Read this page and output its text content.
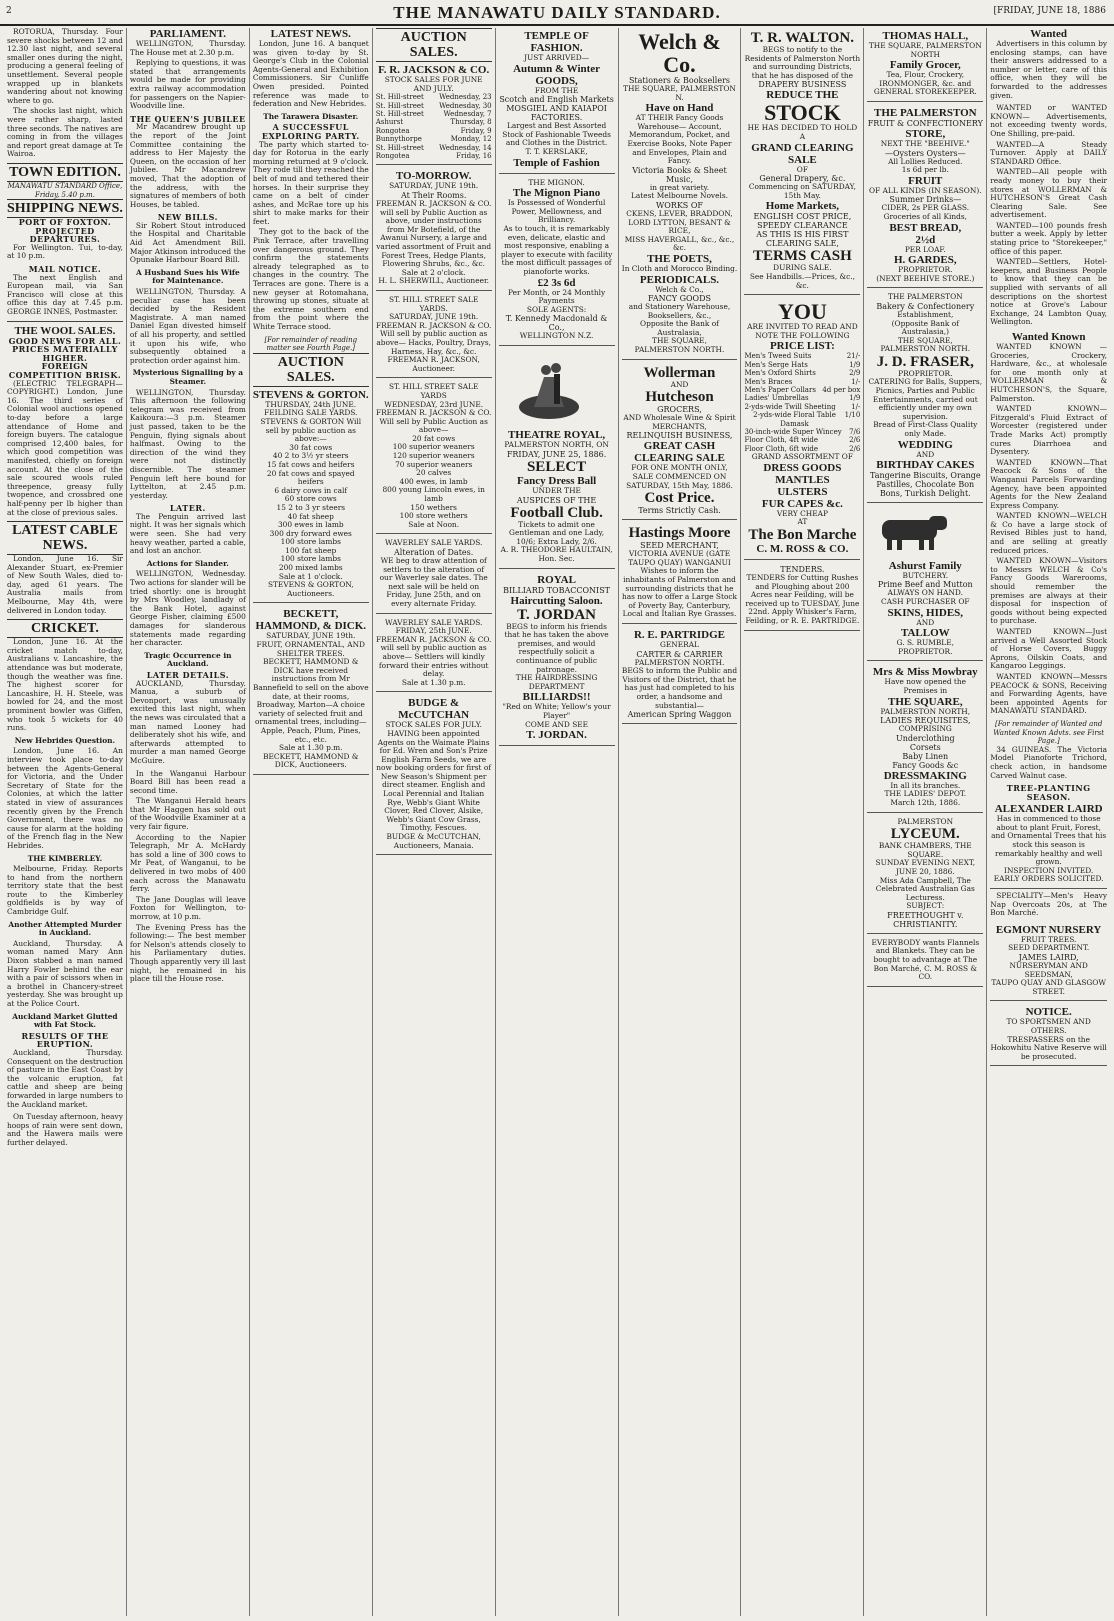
2	THE MANAWATU DAILY STANDARD.	[FRIDAY, JUNE 18, 1886

ROTORUA, Thursday. Four severe shocks between 12 and 12.30 last night, and several smaller ones during the night, producing a general feeling of unsettlement. Several people wrapped up in blankets wandering about not knowing where to go.

The shocks last night, which were rather sharp, lasted three seconds. The natives are coming in from the villages and report great damage at Te Wairoa.

TOWN EDITION.
MANAWATU STANDARD Office, Friday, 5.40 p.m.
SHIPPING NEWS.
PORT OF FOXTON.
PROJECTED DEPARTURES.

For Wellington. Tui, to-day, at 10 p.m.

MAIL NOTICE.

The next English and European mail, via San Francisco will close at this office this day at 7.45 p.m. GEORGE INNES, Postmaster.

THE WOOL SALES.
GOOD NEWS FOR ALL.
PRICES MATERIALLY HIGHER.
FOREIGN COMPETITION BRISK.

(ELECTRIC TELEGRAPH—COPYRIGHT.) London, June 16. The third series of Colonial wool auctions opened to-day before a large attendance of Home and foreign buyers. The catalogue comprised 12,400 bales, for which good competition was manifested, chiefly on foreign account. At the close of the sale scoured wools ruled threepence, greasy fully twopence, and crossbred one half-penny per lb higher than at the close of previous sales.

LATEST CABLE NEWS.

London, June 16. Sir Alexander Stuart, ex-Premier of New South Wales, died to-day, aged 61 years. The Australia mails from Melbourne, May 4th, were delivered in London today.

CRICKET.

London, June 16. At the cricket match to-day, Australians v. Lancashire, the attendance was but moderate, though the weather was fine. The highest scorer for Lancashire, H. H. Steele, was bowled for 24, and the most prominent bowler was Giffen, who took 5 wickets for 40 runs.

New Hebrides Question.

London, June 16. An interview took place to-day between the Agents-General for Victoria, and the Under Secretary of State for the Colonies, at which the latter stated in view of assurances recently given by the French Government, there was no cause for alarm at the holding of the French flag in the New Hebrides.

THE KIMBERLEY.

Melbourne, Friday. Reports to hand from the northern territory state that the best route to the Kimberley goldfields is by way of Cambridge Gulf.

Another Attempted Murder in Auckland.

Auckland, Thursday. A woman named Mary Ann Dixon stabbed a man named Harry Fowler behind the ear with a pair of scissors when in a brothel in Chancery-street yesterday. She was brought up at the Police Court.

Auckland Market Glutted with Fat Stock.
RESULTS OF THE ERUPTION.

Auckland, Thursday. Consequent on the destruction of pasture in the East Coast by the volcanic eruption, fat cattle and sheep are being forwarded in large numbers to the Auckland market.

On Tuesday afternoon, heavy hoops of rain were sent down, and the Hawera mails were further delayed.

PARLIAMENT.

WELLINGTON, Thursday. The House met at 2.30 p.m.

Replying to questions, it was stated that arrangements would be made for providing extra railway accommodation for passengers on the Napier-Woodville line.

THE QUEEN'S JUBILEE

Mr Macandrew brought up the report of the Joint Committee containing the address to Her Majesty the Queen, on the occasion of her Jubilee. Mr Macandrew moved, That the adoption of the address, with the signatures of members of both Houses, be tabled.

NEW BILLS.

Sir Robert Stout introduced the Hospital and Charitable Aid Act Amendment Bill. Major Atkinson introduced the Opunake Harbour Board Bill.

A Husband Sues his Wife for Maintenance.

WELLINGTON, Thursday. A peculiar case has been decided by the Resident Magistrate. A man named Daniel Egan divested himself of all his property, and settled it upon his wife, who subsequently obtained a protection order against him.

Mysterious Signalling by a Steamer.

WELLINGTON, Thursday. This afternoon the following telegram was received from Kaikoura:—3 p.m. Steamer just passed, taken to be the Penguin, flying signals about halfmast. Owing to the direction of the wind they were not distinctly discernible. The steamer Penguin left here bound for Lyttelton, at 2.45 p.m. yesterday.

LATER.

The Penguin arrived last night. It was her signals which were seen. She had very heavy weather, parted a cable, and lost an anchor.

Actions for Slander.

WELLINGTON, Wednesday. Two actions for slander will be tried shortly: one is brought by Mrs Woodley, landlady of the Bank Hotel, against George Fisher, claiming £500 damages for slanderous statements made regarding her character.

Tragic Occurrence in Auckland.
LATER DETAILS.

AUCKLAND, Thursday. Manua, a suburb of Devonport, was unusually excited this last night, when the news was circulated that a man named Looney had deliberately shot his wife, and afterwards attempted to murder a man named George McGuire.

In the Wanganui Harbour Board Bill has been read a second time.

The Wanganui Herald hears that Mr Haggen has sold out of the Woodville Examiner at a very fair figure.

According to the Napier Telegraph, Mr A. McHardy has sold a line of 300 cows to Mr Peat, of Wanganui, to be delivered in two mobs of 400 each across the Manawatu ferry.

The Jane Douglas will leave Foxton for Wellington, to-morrow, at 10 p.m.

The Evening Press has the following:— The best member for Nelson's attends closely to his Parliamentary duties. Though apparently very ill last night, he remained in his place till the House rose.

LATEST NEWS.

London, June 16. A banquet was given to-day by St. George's Club in the Colonial Agents-General and Exhibition Commissioners. Sir Cunliffe Owen presided. Pointed reference was made to federation and New Hebrides.

The Tarawera Disaster.
A SUCCESSFUL EXPLORING PARTY.

The party which started to-day for Rotorua in the early morning returned at 9 o'clock. They rode till they reached the belt of mud and tethered their horses. In their surprise they came on a belt of cinder ashes, and McRae tore up his shirt to make marks for their feet.

They got to the back of the Pink Terrace, after travelling over dangerous ground. They confirm the statements already telegraphed as to changes in the country. The Terraces are gone. There is a new geyser at Rotomahana, throwing up stones, situate at the extreme southern end from the point where the White Terrace stood.

[For remainder of reading matter see Fourth Page.]
AUCTION SALES.
STEVENS & GORTON.
THURSDAY, 24th JUNE.
FEILDING SALE YARDS.
STEVENS & GORTON Will sell by public auction as above:—
30 fat cows
40 2 to 3½ yr steers
15 fat cows and heifers
20 fat cows and spayed heifers
6 dairy cows in calf
60 store cows
15 2 to 3 yr steers
40 fat sheep
300 ewes in lamb
300 dry forward ewes
100 store lambs
100 fat sheep
100 store lambs
200 mixed lambs
Sale at 1 o'clock.
STEVENS & GORTON, Auctioneers.
BECKETT, HAMMOND, & DICK.
SATURDAY, JUNE 19th.
FRUIT, ORNAMENTAL, AND SHELTER TREES.
BECKETT, HAMMOND & DICK have received instructions from Mr Bannefield to sell on the above date, at their rooms, Broadway, Marton—A choice variety of selected fruit and ornamental trees, including— Apple, Peach, Plum, Pines, etc., etc.
Sale at 1.30 p.m.
BECKETT, HAMMOND & DICK, Auctioneers.
AUCTION SALES.
F. R. JACKSON & CO.
STOCK SALES FOR JUNE AND JULY.
St. Hill-street Wednesday, 23
St. Hill-street Wednesday, 30
St. Hill-street	Wednesday, 7
Ashurst	Thursday, 8
Rongotea	Friday, 9
Bunnythorpe	Monday, 12
St. Hill-street Wednesday, 14
Rongotea	Friday, 16
TO-MORROW.
SATURDAY, JUNE 19th.
At Their Rooms.
FREEMAN R. JACKSON & CO. will sell by Public Auction as above, under instructions from Mr Botefield, of the Awanui Nursery, a large and varied assortment of Fruit and Forest Trees, Hedge Plants, Flowering Shrubs, &c., &c.
Sale at 2 o'clock.
H. L. SHERWILL, Auctioneer.
ST. HILL STREET SALE YARDS.
SATURDAY, JUNE 19th.
FREEMAN R. JACKSON & CO. Will sell by public auction as above— Hacks, Poultry, Drays, Harness, Hay, &c., &c.
FREEMAN R. JACKSON, Auctioneer.
ST. HILL STREET SALE YARDS
WEDNESDAY, 23rd JUNE.
FREEMAN R. JACKSON & CO. Will sell by Public Auction as above—
20 fat cows
100 superior weaners
120 superior weaners
70 superior weaners
20 calves
400 ewes, in lamb
800 young Lincoln ewes, in lamb
150 wethers
100 store wethers
Sale at Noon.
WAVERLEY SALE YARDS.
Alteration of Dates.
WE beg to draw attention of settlers to the alteration of our Waverley sale dates. The next sale will be held on Friday, June 25th, and on every alternate Friday.
WAVERLEY SALE YARDS.
FRIDAY, 25th JUNE.
FREEMAN R. JACKSON & CO. will sell by public auction as above— Settlers will kindly forward their entries without delay.
Sale at 1.30 p.m.
BUDGE & McCUTCHAN
STOCK SALES FOR JULY.
HAVING been appointed Agents on the Waimate Plains for Ed. Wren and Son's Prize English Farm Seeds, we are now booking orders for first of New Season's Shipment per direct steamer. English and Local Perennial and Italian Rye, Webb's Giant White Clover, Red Clover, Alsike, Webb's Giant Cow Grass, Timothy, Fescues.
BUDGE & McCUTCHAN, Auctioneers, Manaia.
TEMPLE OF FASHION.
JUST ARRIVED—
Autumn & Winter
GOODS,
FROM THE
Scotch and English Markets
MOSGIEL AND KAIAPOI FACTORIES.
Largest and Best Assorted Stock of Fashionable Tweeds and Clothes in the District.
T. T. KERSLAKE,
Temple of Fashion
THE MIGNON.
The Mignon Piano
Is Possessed of Wonderful Power, Mellowness, and Brilliancy.
As to touch, it is remarkably even, delicate, elastic and most responsive, enabling a player to execute with facility the most difficult passages of pianoforte works.
£2 3s 6d
Per Month, or 24 Monthly Payments
SOLE AGENTS:
T. Kennedy Macdonald & Co.,
WELLINGTON N.Z.
THEATRE ROYAL,
PALMERSTON NORTH, ON
FRIDAY, JUNE 25, 1886.
SELECT
Fancy Dress Ball
UNDER THE
AUSPICES OF THE
Football Club.
Tickets to admit one Gentleman and one Lady, 10/6; Extra Lady, 2/6.
A. R. THEODORE HAULTAIN, Hon. Sec.
ROYAL
BILLIARD TOBACCONIST
Haircutting Saloon.
T. JORDAN
BEGS to inform his friends that he has taken the above premises, and would respectfully solicit a continuance of public patronage.
THE HAIRDRESSING
DEPARTMENT
BILLIARDS!!
"Red on White; Yellow's your Player"
COME AND SEE
T. JORDAN.
Welch & Co.
Stationers & Booksellers
THE SQUARE, PALMERSTON N.
Have on Hand
AT THEIR Fancy Goods Warehouse— Account, Memorandum, Pocket, and Exercise Books, Note Paper and Envelopes, Plain and Fancy.
Victoria Books & Sheet Music,
in great variety.
Latest Melbourne Novels.
WORKS OF
CKENS, LEVER, BRADDON,
LORD LYTTON, BESANT & RICE,
MISS HAVERGALL, &c., &c., &c.
THE POETS,
In Cloth and Morocco Binding.
PERIODICALS.
Welch & Co.,
FANCY GOODS
and Stationery Warehouse, Booksellers, &c.,
Opposite the Bank of Australasia,
THE SQUARE,
PALMERSTON NORTH.
Wollerman
AND
Hutcheson
GROCERS,
AND Wholesale Wine & Spirit MERCHANTS,
RELINQUISH BUSINESS,
GREAT CASH CLEARING SALE
FOR ONE MONTH ONLY,
SALE COMMENCED ON SATURDAY, 15th May, 1886.
Cost Price.
Terms Strictly Cash.
Hastings Moore
SEED MERCHANT,
VICTORIA AVENUE (GATE TAUPO QUAY) WANGANUI
Wishes to inform the inhabitants of Palmerston and surrounding districts that he has now to offer a Large Stock of Poverty Bay, Canterbury, Local and Italian Rye Grasses.
R. E. PARTRIDGE
GENERAL
CARTER & CARRIER
PALMERSTON NORTH.
BEGS to inform the Public and Visitors of the District, that he has just had completed to his order, a handsome and substantial—
American Spring Waggon
T. R. WALTON.
BEGS to notify to the Residents of Palmerston North and surrounding Districts, that he has disposed of the
DRAPERY BUSINESS
REDUCE THE
STOCK
HE HAS DECIDED TO HOLD A
GRAND CLEARING SALE
OF
General Drapery, &c.
Commencing on SATURDAY, 15th May.
Home Markets,
ENGLISH COST PRICE,
SPEEDY CLEARANCE
AS THIS IS HIS FIRST CLEARING SALE,
TERMS CASH
DURING SALE.
See Handbills.—Prices, &c., &c.
YOU
ARE INVITED TO READ AND NOTE THE FOLLOWING
PRICE LIST:
Men's Tweed Suits	21/-
Men's Serge Hats	1/9
Men's Oxford Shirts	2/9
Men's Braces	1/-
Men's Paper Collars 4d per box
Ladies' Umbrellas	1/9
2-yds-wide Twill Sheeting 1/-
2-yds-wide Floral Table Damask
1/10
30-inch-wide Super Wincey 7/6
Floor Cloth, 4ft wide	2/6
Floor Cloth, 6ft wide	2/6
GRAND ASSORTMENT OF
DRESS GOODS
MANTLES
ULSTERS
FUR CAPES &c.
VERY CHEAP
AT
The Bon Marche
C. M. ROSS & CO.
TENDERS.
TENDERS for Cutting Rushes and Ploughing about 200 Acres near Feilding, will be received up to TUESDAY, June 22nd. Apply Whisker's Farm, Feilding, or R. E. PARTRIDGE.
THOMAS HALL,
THE SQUARE, PALMERSTON NORTH
Family Grocer,
Tea, Flour, Crockery, IRONMONGER, &c. and GENERAL STOREKEEPER.
THE PALMERSTON
FRUIT & CONFECTIONERY
STORE,
NEXT THE "BEEHIVE."
—Oysters Oysters—
All Lollies Reduced.
1s 6d per lb.
FRUIT
OF ALL KINDS (IN SEASON).
Summer Drinks—
CIDER, 2s PER GLASS.
Groceries of all Kinds,
BEST BREAD,
2½d
PER LOAF.
H. GARDES,
PROPRIETOR.
(NEXT BEEHIVE STORE.)
THE PALMERSTON
Bakery & Confectionery
Establishment,
(Opposite Bank of Australasia,)
THE SQUARE,
PALMERSTON NORTH.
J. D. FRASER,
PROPRIETOR.
CATERING for Balls, Suppers, Picnics, Parties and Public Entertainments, carried out efficiently under my own supervision.
Bread of First-Class Quality only Made.
WEDDING
AND
BIRTHDAY CAKES
Tangerine Biscuits, Orange Pastilles, Chocolate Bon Bons, Turkish Delight.
Ashurst Family
BUTCHERY.
Prime Beef and Mutton
ALWAYS ON HAND.
CASH PURCHASER OF
SKINS, HIDES,
AND
TALLOW
G. S. RUMBLE,
PROPRIETOR.
Mrs & Miss Mowbray
Have now opened the Premises in
THE SQUARE,
PALMERSTON NORTH,
LADIES REQUISITES,
COMPRISING
Underclothing
Corsets
Baby Linen
Fancy Goods &c
DRESSMAKING
In all its branches.
THE LADIES' DEPOT.
March 12th, 1886.
PALMERSTON
LYCEUM.
BANK CHAMBERS, THE SQUARE.
SUNDAY EVENING NEXT, JUNE 20, 1886.
Miss Ada Campbell, The Celebrated Australian Gas Lecturess.
SUBJECT:
FREETHOUGHT v. CHRISTIANITY.
EVERYBODY wants Flannels and Blankets. They can be bought to advantage at The Bon Marché, C. M. ROSS & CO.
Wanted

Advertisers in this column by enclosing stamps, can have their answers addressed to a number or letter, care of this office, when they will be forwarded to the addresses given.

WANTED or WANTED KNOWN— Advertisements, not exceeding twenty words, One Shilling, pre-paid.

WANTED—A Steady Turnover. Apply at DAILY STANDARD Office.

WANTED—All people with ready money to buy their stores at WOLLERMAN & HUTCHESON'S Great Cash Clearing Sale. See advertisement.

WANTED—100 pounds fresh butter a week. Apply by letter stating price to "Storekeeper," office of this paper.

WANTED—Settlers, Hotel-keepers, and Business People to know that they can be supplied with servants of all descriptions on the shortest notice at Grove's Labour Exchange, 24 Lambton Quay, Wellington.

Wanted Known

WANTED KNOWN — Groceries, Crockery, Hardware, &c., at wholesale for one month only at WOLLERMAN & HUTCHESON'S, the Square, Palmerston.

WANTED KNOWN—Fitzgerald's Fluid Extract of Worcester (registered under Trade Marks Act) promptly cures Diarrhoea and Dysentery.

WANTED KNOWN—That Peacock & Sons of the Wanganui Parcels Forwarding Agency, have been appointed Agents for the New Zealand Express Company.

WANTED KNOWN—WELCH & Co have a large stock of Revised Bibles just to hand, and are selling at greatly reduced prices.

WANTED KNOWN—Visitors to Messrs WELCH & Co's Fancy Goods Warerooms, should remember the premises are always at their disposal for inspection of goods without being expected to purchase.

WANTED KNOWN—Just arrived a Well Assorted Stock of Horse Covers, Buggy Aprons, Oilskin Coats, and Kangaroo Leggings.

WANTED KNOWN—Messrs PEACOCK & SONS, Receiving and Forwarding Agents, have been appointed Agents for MANAWATU STANDARD.

[For remainder of Wanted and Wanted Known Advts. see First Page.]

34 GUINEAS. The Victoria Model Pianoforte Trichord, check action, in handsome Carved Walnut case.

TREE-PLANTING SEASON.
ALEXANDER LAIRD
Has in commenced to those about to plant Fruit, Forest, and Ornamental Trees that his stock this season is remarkably healthy and well grown.
INSPECTION INVITED.
EARLY ORDERS SOLICITED.

SPECIALITY—Men's Heavy Nap Overcoats 20s, at The Bon Marché.

EGMONT NURSERY
FRUIT TREES.
SEED DEPARTMENT.
JAMES LAIRD,
NURSERYMAN AND SEEDSMAN,
TAUPO QUAY AND GLASGOW STREET.
NOTICE.
TO SPORTSMEN AND OTHERS.
TRESPASSERS on the Hokowhitu Native Reserve will be prosecuted.
